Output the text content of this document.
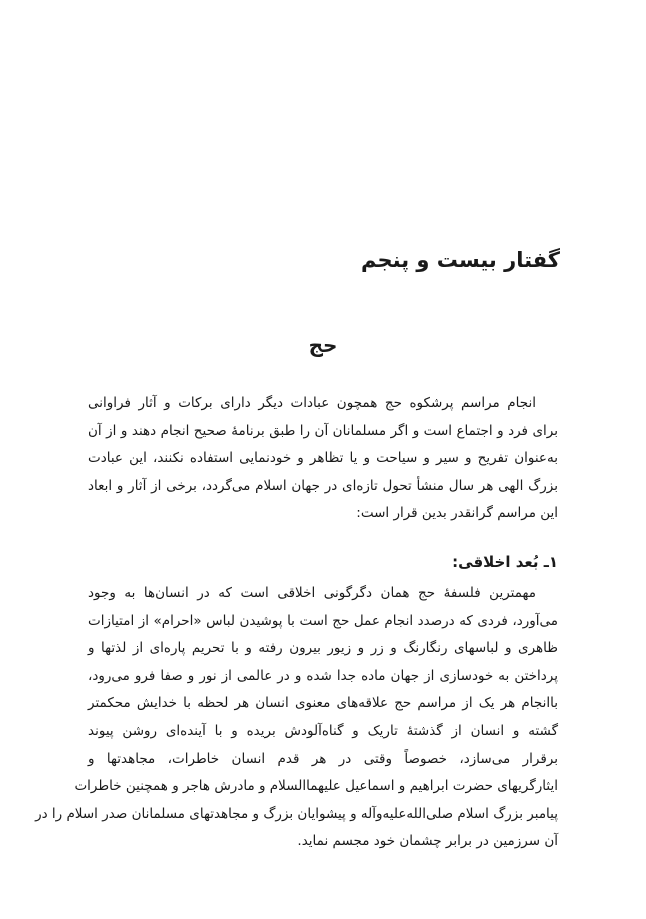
گفتار بیست و پنجم
حج
انجام مراسم پرشکوه حج همچون عبادات دیگر دارای برکات و آثار فراوانی
برای فرد و اجتماع است و اگر مسلمانان آن را طبق برنامهٔ صحیح انجام دهند و از آن
به‌عنوان تفریح و سیر و سیاحت و یا تظاهر و خودنمایی استفاده نکنند، این عبادت
بزرگ الهی هر سال منشأ تحول تازه‌ای در جهان اسلام می‌گردد، برخی از آثار و ابعاد
این مراسم گرانقدر بدین قرار است:
۱ـ بُعد اخلاقی:
مهمترین فلسفهٔ حج همان دگرگونی اخلاقی است که در انسان‌ها به وجود
می‌آورد، فردی که درصدد انجام عمل حج است با پوشیدن لباس «احرام» از امتیازات
ظاهری و لباسهای رنگارنگ و زر و زیور بیرون رفته و با تحریم پاره‌ای از لذتها و
پرداختن به خودسازی از جهان ماده جدا شده و در عالمی از نور و صفا فرو می‌رود،
باانجام هر یک از مراسم حج علاقه‌های معنوی انسان هر لحظه با خدایش محکمتر
گشته و انسان از گذشتهٔ تاریک و گناه‌آلودش بریده و با آینده‌ای روشن پیوند
برقرار می‌سازد، خصوصاً وقتی در هر قدم انسان خاطرات، مجاهدتها و
ایثارگریهای حضرت ابراهیم و اسماعیل علیهماالسلام و مادرش هاجر و همچنین خاطرات
پیامبر بزرگ اسلام صلی‌الله‌علیه‌وآله و پیشوایان بزرگ و مجاهدتهای مسلمانان صدر اسلام را در
آن سرزمین در برابر چشمان خود مجسم نماید.
